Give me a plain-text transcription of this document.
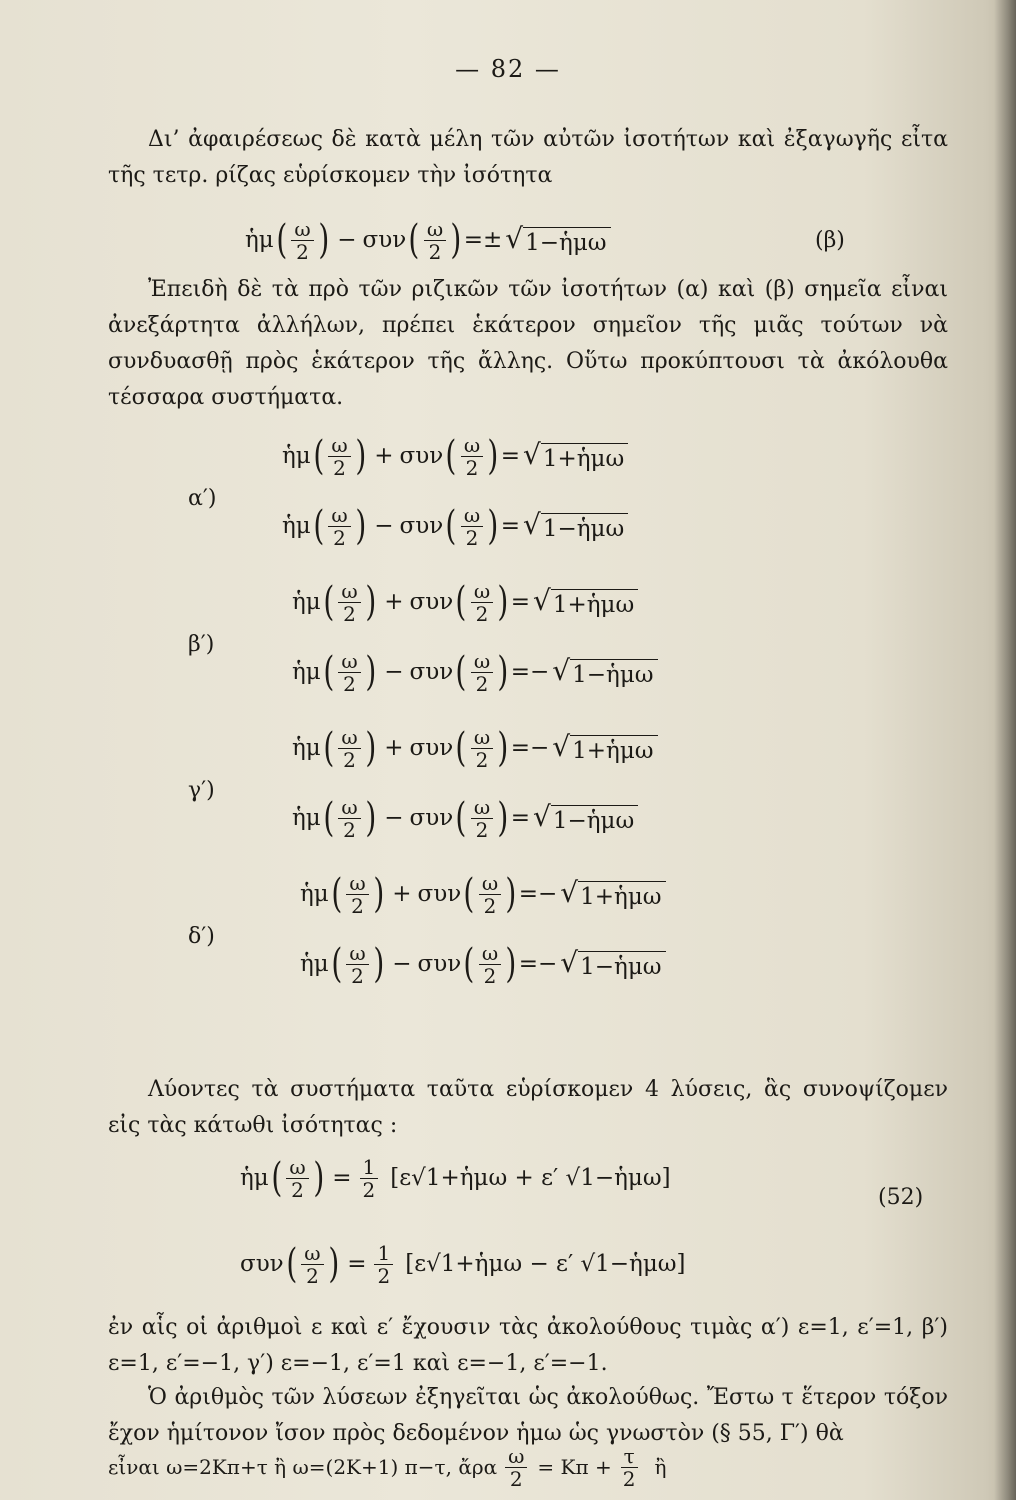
— 82 —
Δι’ ἀφαιρέσεως δὲ κατὰ μέλη τῶν αὐτῶν ἰσοτήτων καὶ ἐξαγωγῆς εἶτα τῆς τετρ. ρίζας εὑρίσκομεν τὴν ἰσότητα
ἡμ ( $\frac{\omega}{2}$ ) − συν ( $\frac{\omega}{2}$ ) =± √ 1−ἡμω	(β)
Ἐπειδὴ δὲ τὰ πρὸ τῶν ριζικῶν τῶν ἰσοτήτων (α) καὶ (β) σημεῖα εἶναι ἀνεξάρτητα ἀλλήλων, πρέπει ἑκάτερον σημεῖον τῆς μιᾶς τούτων νὰ συνδυασθῇ πρὸς ἑκάτερον τῆς ἄλλης. Οὕτω προκύπτουσι τὰ ἀκόλουθα τέσσαρα συστήματα.
Λύοντες τὰ συστήματα ταῦτα εὑρίσκομεν 4 λύσεις, ἃς συνοψίζομεν εἰς τὰς κάτωθι ἰσότητας :
ἡμ ( $\frac{\omega}{2}$ ) = $\frac{1}{2}$ [ε√1+ἡμω + ε′ √1−ἡμω]
(52)
συν ( $\frac{\omega}{2}$ ) = $\frac{1}{2}$ [ε√1+ἡμω − ε′ √1−ἡμω]
ἐν αἷς οἱ ἀριθμοὶ ε καὶ ε′ ἔχουσιν τὰς ἀκολούθους τιμὰς α′) ε=1, ε′=1, β′) ε=1, ε′=−1, γ′) ε=−1, ε′=1 καὶ ε=−1, ε′=−1.
Ὁ ἀριθμὸς τῶν λύσεων ἐξηγεῖται ὡς ἀκολούθως. Ἔστω τ ἕτερον τόξον ἔχον ἡμίτονον ἴσον πρὸς δεδομένον ἡμω ὡς γνωστὸν (§ 55, Γ′) θὰ
εἶναι ω=2Κπ+τ ἢ ω=(2Κ+1) π−τ, ἄρα $\frac{\omega}{2} = K\pi + \frac{\tau}{2}$ ἢ
ἡμ ( $\frac{\omega}{2}$ ) + συν ( $\frac{\omega}{2}$ ) = √ 1+ἡμω
ἡμ ( $\frac{\omega}{2}$ ) − συν ( $\frac{\omega}{2}$ ) = √ 1−ἡμω
α′)
ἡμ ( $\frac{\omega}{2}$ ) + συν ( $\frac{\omega}{2}$ ) = √ 1+ἡμω
ἡμ ( $\frac{\omega}{2}$ ) − συν ( $\frac{\omega}{2}$ ) =− √ 1−ἡμω
β′)
ἡμ ( $\frac{\omega}{2}$ ) + συν ( $\frac{\omega}{2}$ ) =− √ 1+ἡμω
ἡμ ( $\frac{\omega}{2}$ ) − συν ( $\frac{\omega}{2}$ ) = √ 1−ἡμω
γ′)
ἡμ ( $\frac{\omega}{2}$ ) + συν ( $\frac{\omega}{2}$ ) =− √ 1+ἡμω
ἡμ ( $\frac{\omega}{2}$ ) − συν ( $\frac{\omega}{2}$ ) =− √ 1−ἡμω
δ′)
